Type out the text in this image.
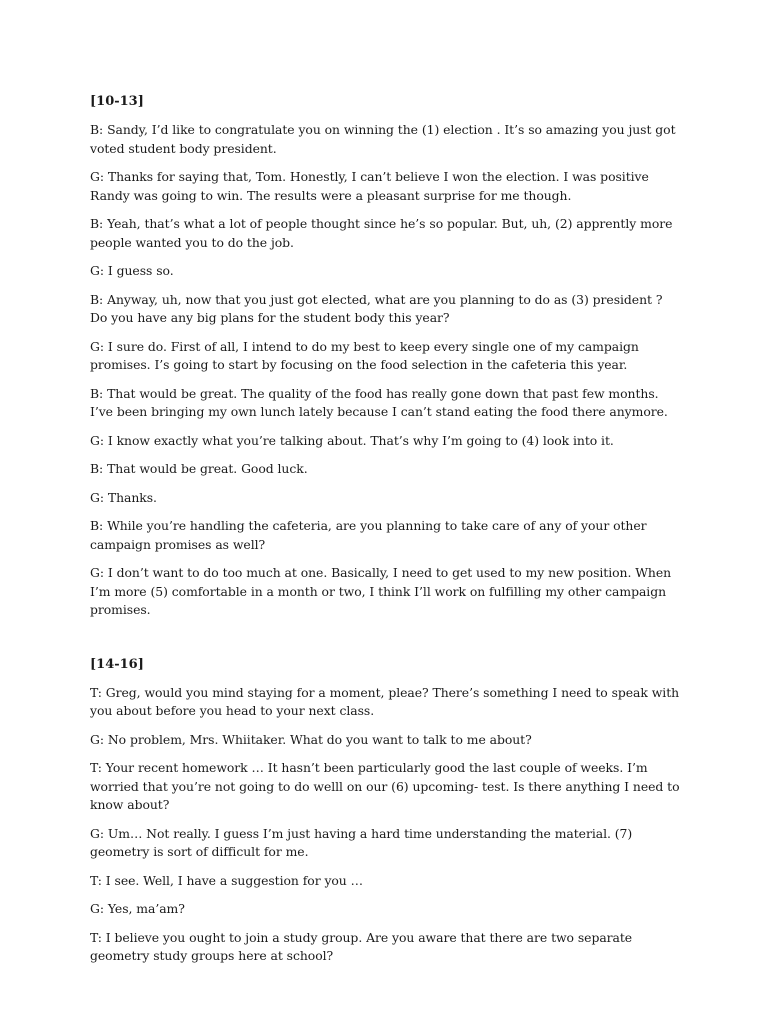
[10-13]

B: Sandy, I’d like to congratulate you on winning the (1) election . It’s so amazing you just got voted student body president.

G: Thanks for saying that, Tom. Honestly, I can’t believe I won the election. I was positive Randy was going to win. The results were a pleasant surprise for me though.

B: Yeah, that’s what a lot of people thought since he’s so popular. But, uh, (2) apprently more people wanted you to do the job.

G: I guess so.

B: Anyway, uh, now that you just got elected, what are you planning to do as (3) president ? Do you have any big plans for the student body this year?

G: I sure do. First of all, I intend to do my best to keep every single one of my campaign promises. I’s going to start by focusing on the food selection in the cafeteria this year.

B: That would be great. The quality of the food has really gone down that past few months. I’ve been bringing my own lunch lately because I can’t stand eating the food there anymore.

G: I know exactly what you’re talking about. That’s why I’m going to (4) look into it.

B: That would be great. Good luck.

G: Thanks.

B: While you’re handling the cafeteria, are you planning to take care of any of your other campaign promises as well?

G: I don’t want to do too much at one. Basically, I need to get used to my new position. When I’m more (5) comfortable in a month or two, I think I’ll work on fulfilling my other campaign promises.

[14-16]

T: Greg, would you mind staying for a moment, pleae? There’s something I need to speak with you about before you head to your next class.

G: No problem, Mrs. Whiitaker. What do you want to talk to me about?

T: Your recent homework … It hasn’t been particularly good the last couple of weeks. I’m worried that you’re not going to do welll on our (6) upcoming- test. Is there anything I need to know about?

G: Um… Not really. I guess I’m just having a hard time understanding the material. (7) geometry is sort of difficult for me.

T: I see. Well, I have a suggestion for you …

G: Yes, ma’am?

T: I believe you ought to join a study group. Are you aware that there are two separate geometry study groups here at school?
